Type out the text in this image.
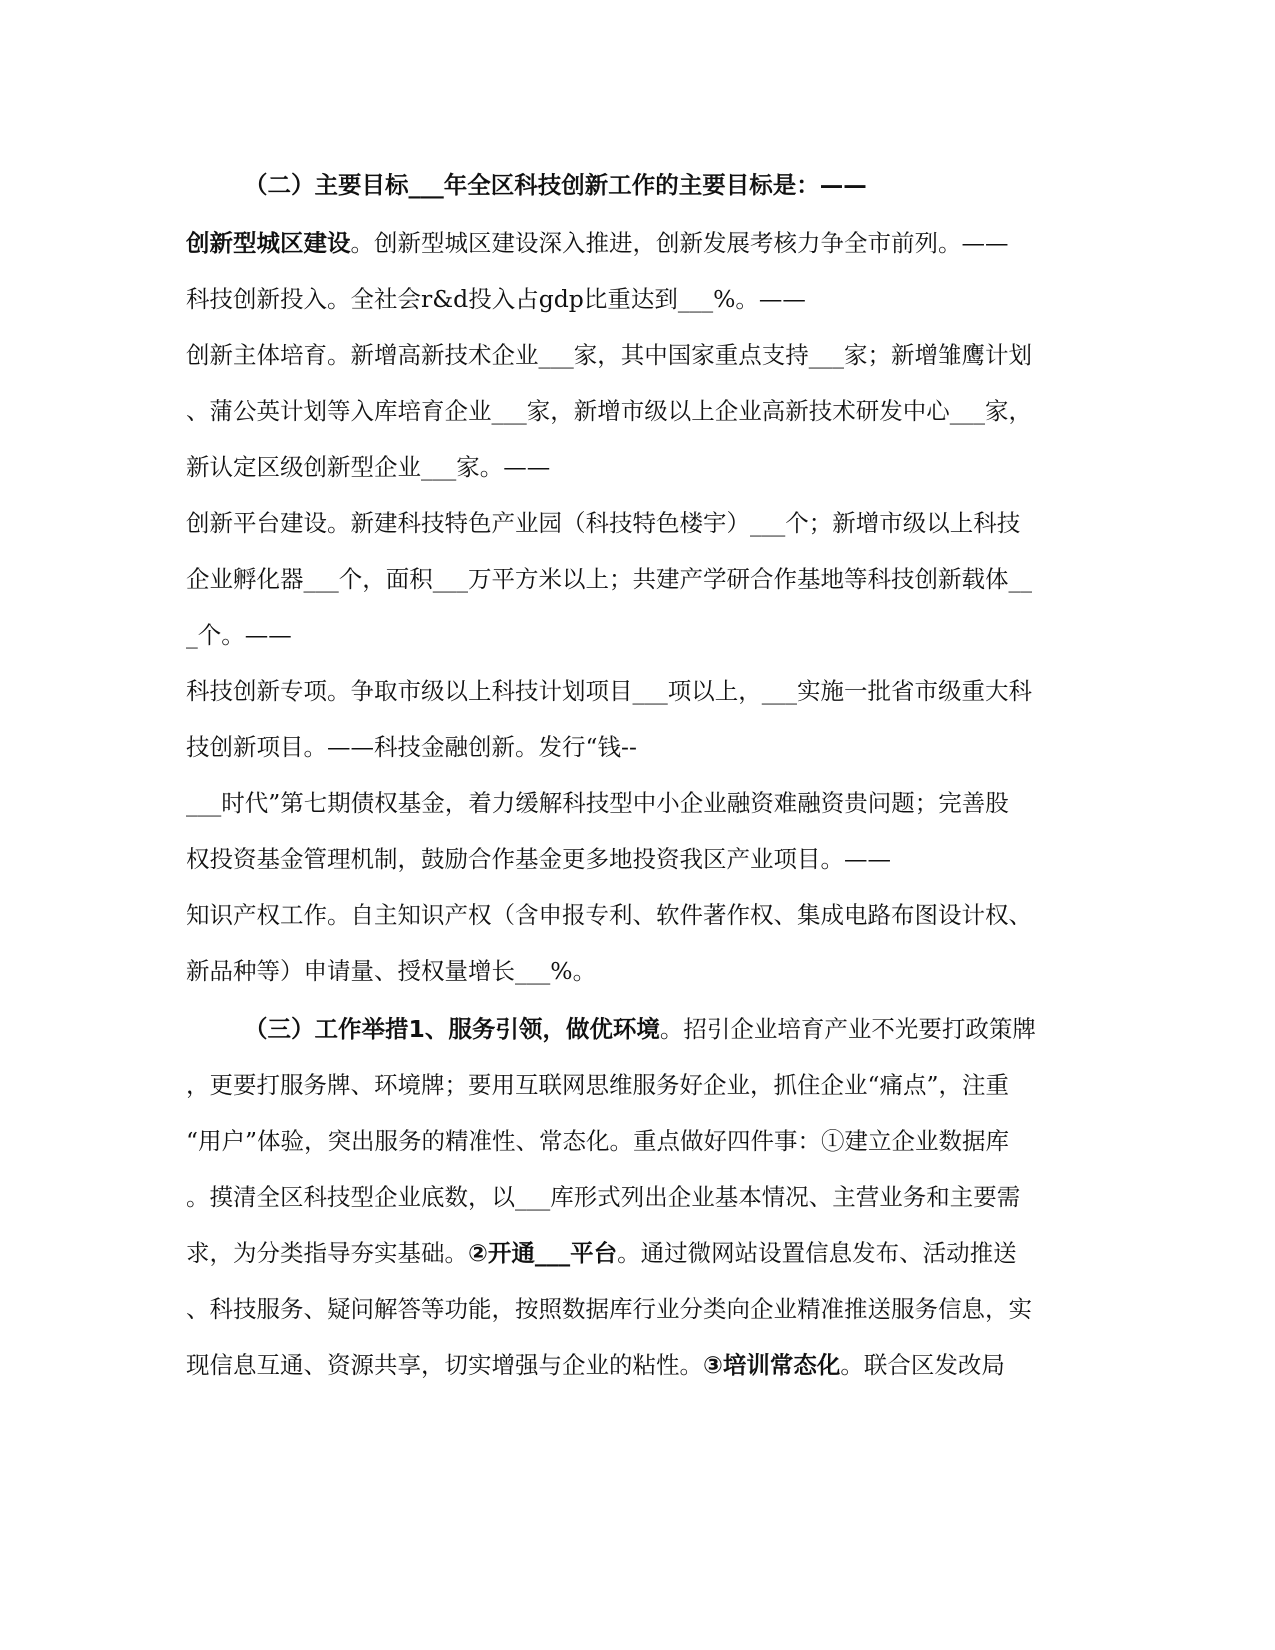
（二）主要目标___年全区科技创新工作的主要目标是：——
创新型城区建设。创新型城区建设深入推进，创新发展考核力争全市前列。——
科技创新投入。全社会r&d投入占gdp比重达到___%。——
创新主体培育。新增高新技术企业___家，其中国家重点支持___家；新增雏鹰计划
、蒲公英计划等入库培育企业___家，新增市级以上企业高新技术研发中心___家，
新认定区级创新型企业___家。——
创新平台建设。新建科技特色产业园（科技特色楼宇）___个；新增市级以上科技
企业孵化器___个，面积___万平方米以上；共建产学研合作基地等科技创新载体__
_个。——
科技创新专项。争取市级以上科技计划项目___项以上，___实施一批省市级重大科
技创新项目。——科技金融创新。发行“钱--
___时代”第七期债权基金，着力缓解科技型中小企业融资难融资贵问题；完善股
权投资基金管理机制，鼓励合作基金更多地投资我区产业项目。——
知识产权工作。自主知识产权（含申报专利、软件著作权、集成电路布图设计权、
新品种等）申请量、授权量增长___%。
（三）工作举措1、服务引领，做优环境。招引企业培育产业不光要打政策牌
，更要打服务牌、环境牌；要用互联网思维服务好企业，抓住企业“痛点”，注重
“用户”体验，突出服务的精准性、常态化。重点做好四件事：①建立企业数据库
。摸清全区科技型企业底数，以___库形式列出企业基本情况、主营业务和主要需
求，为分类指导夯实基础。②开通___平台。通过微网站设置信息发布、活动推送
、科技服务、疑问解答等功能，按照数据库行业分类向企业精准推送服务信息，实
现信息互通、资源共享，切实增强与企业的粘性。③培训常态化。联合区发改局
